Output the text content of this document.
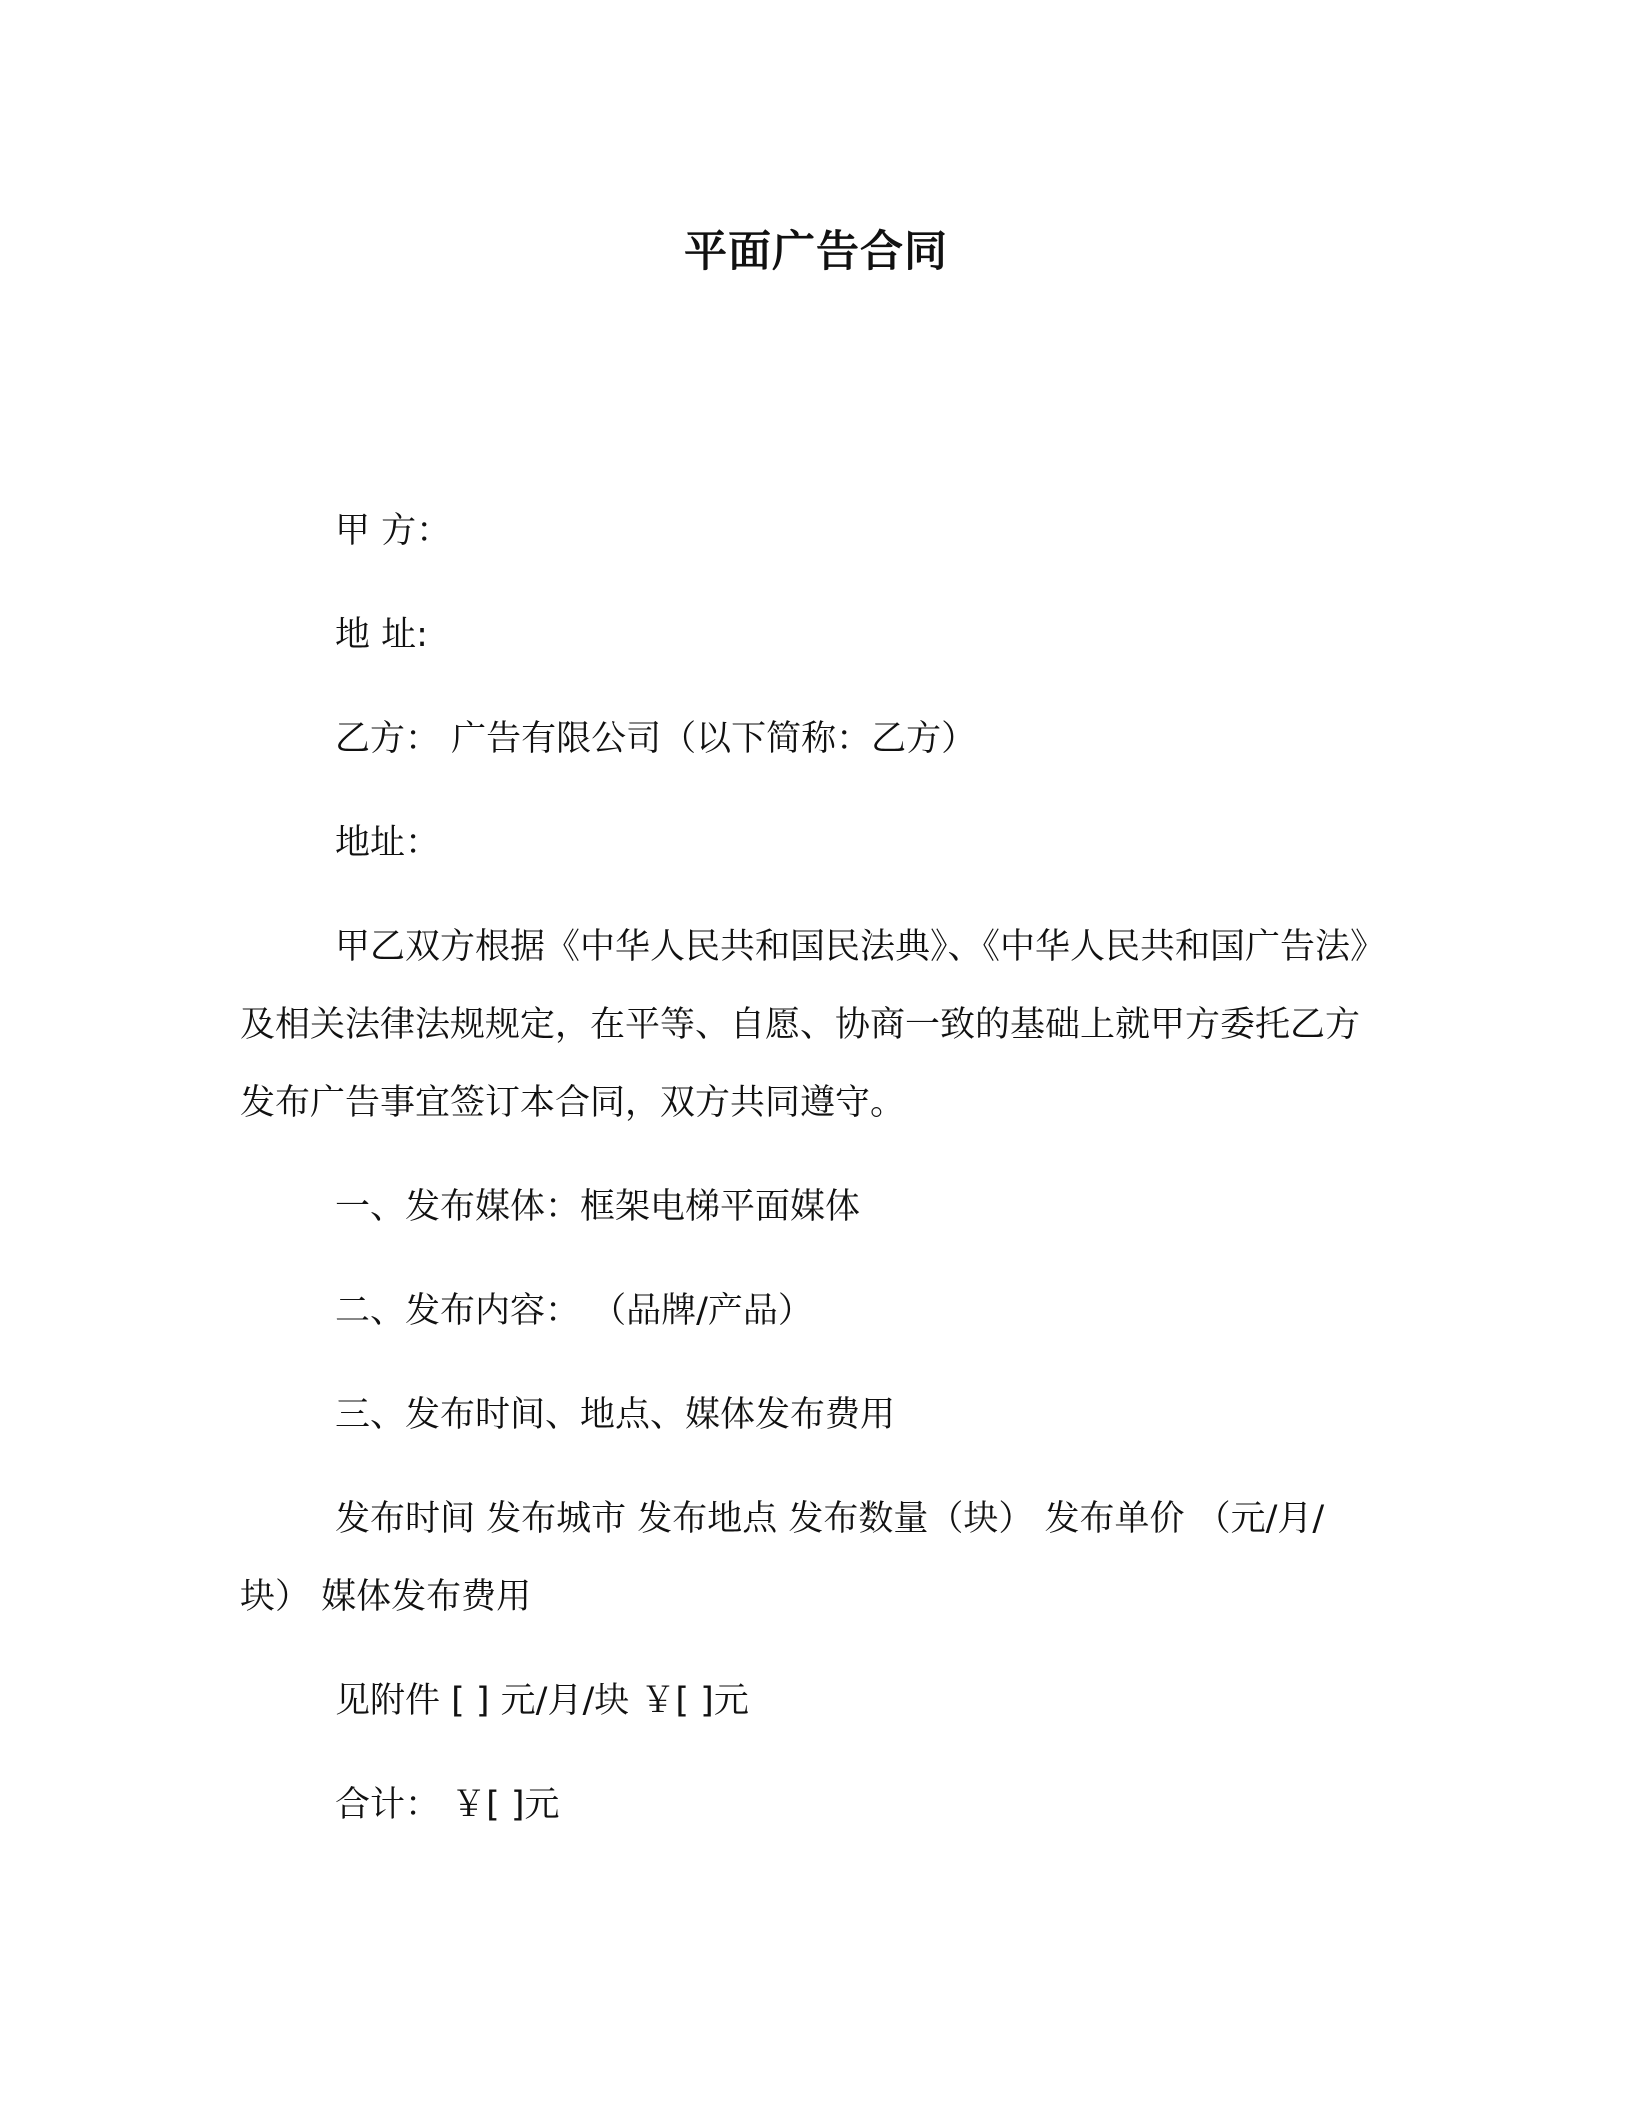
平面广告合同

甲 方：

地 址:

乙方： 广告有限公司（以下简称：乙方）

地址：

甲乙双方根据《中华人民共和国民法典》、《中华人民共和国广告法》及相关法律法规规定，在平等、自愿、协商一致的基础上就甲方委托乙方发布广告事宜签订本合同，双方共同遵守。

一、发布媒体：框架电梯平面媒体

二、发布内容： （品牌/产品）

三、发布时间、地点、媒体发布费用

发布时间 发布城市 发布地点 发布数量（块） 发布单价 （元/月/块） 媒体发布费用

见附件 [ ] 元/月/块 ￥[ ]元

合计： ￥[ ]元
